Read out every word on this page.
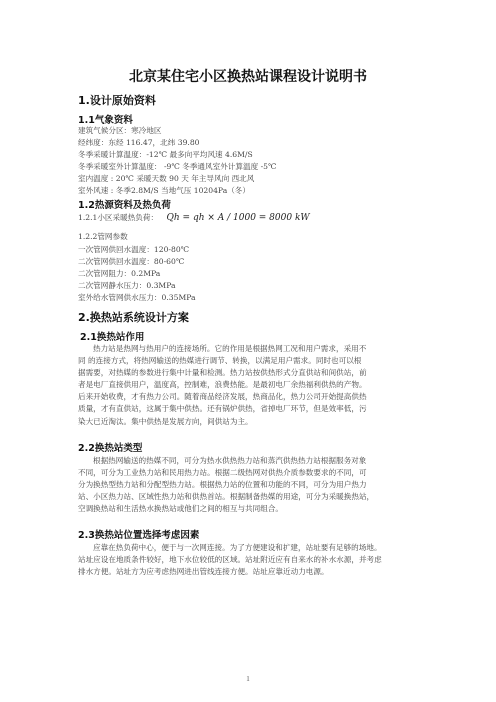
北京某住宅小区换热站课程设计说明书
1.设计原始资料
1.1气象资料
建筑气候分区：寒冷地区
经纬度：东经 116.47，北纬 39.80
冬季采暖计算温度：-12℃ 最多向平均风速 4.6M/S
冬季采暖室外计算温度： -9℃ 冬季通风室外计算温度 -5℃
室内温度 : 20℃ 采暖天数 90 天 年主导风向 西北风
室外风速 : 冬季2.8M/S 当地气压 10204Pa（冬）
1.2热源资料及热负荷
1.2.1小区采暖热负荷： Qh = qh × A / 1000 = 8000 kW
1.2.2管网参数
一次管网供回水温度：120-80℃
二次管网供回水温度：80-60℃
二次管网阻力：0.2MPa
二次管网静水压力：0.3MPa
室外给水管网供水压力：0.35MPa
2.换热站系统设计方案
2.1换热站作用
热力站是热网与热用户的连接场所。它的作用是根据热网工况和用户需求，采用不
同 的连接方式，将热网输送的热媒进行调节、转换，以满足用户需求。同时也可以根
据需要，对热媒的参数进行集中计量和检测。热力站按供热形式分直供站和间供站，前
者是电厂直接供用户，温度高，控制难，浪费热能。是最初电厂余热福利供热的产物。
后来开始收费，才有热力公司。随着商品经济发展，热商品化，热力公司开始提高供热
质量，才有直供站，这属于集中供热。还有锅炉供热，省掉电厂环节，但是效率低，污
染大已近淘汰。集中供热是发展方向，间供站为主。
2.2换热站类型
根据热网输送的热媒不同，可分为热水供热热力站和蒸汽供热热力站根据服务对象
不同，可分为工业热力站和民用热力站。根据二级热网对供热介质参数要求的不同，可
分为换热型热力站和分配型热力站。根据热力站的位置和功能的不同，可分为用户热力
站、小区热力站、区域性热力站和供热首站。根据制备热媒的用途，可分为采暖换热站，
空调换热站和生活热水换热站或他们之间的相互与共同组合。
2.3换热站位置选择考虑因素
应靠在热负荷中心，便于与一次网连接。为了方便建设和扩建，站址要有足够的场地。
站址应设在地质条件较好，地下水位较低的区域。站址附近应有自来水的补水水源，并考虑
排水方便。站址方为应考虑热网进出管线连接方便。站址应靠近动力电源。
1
